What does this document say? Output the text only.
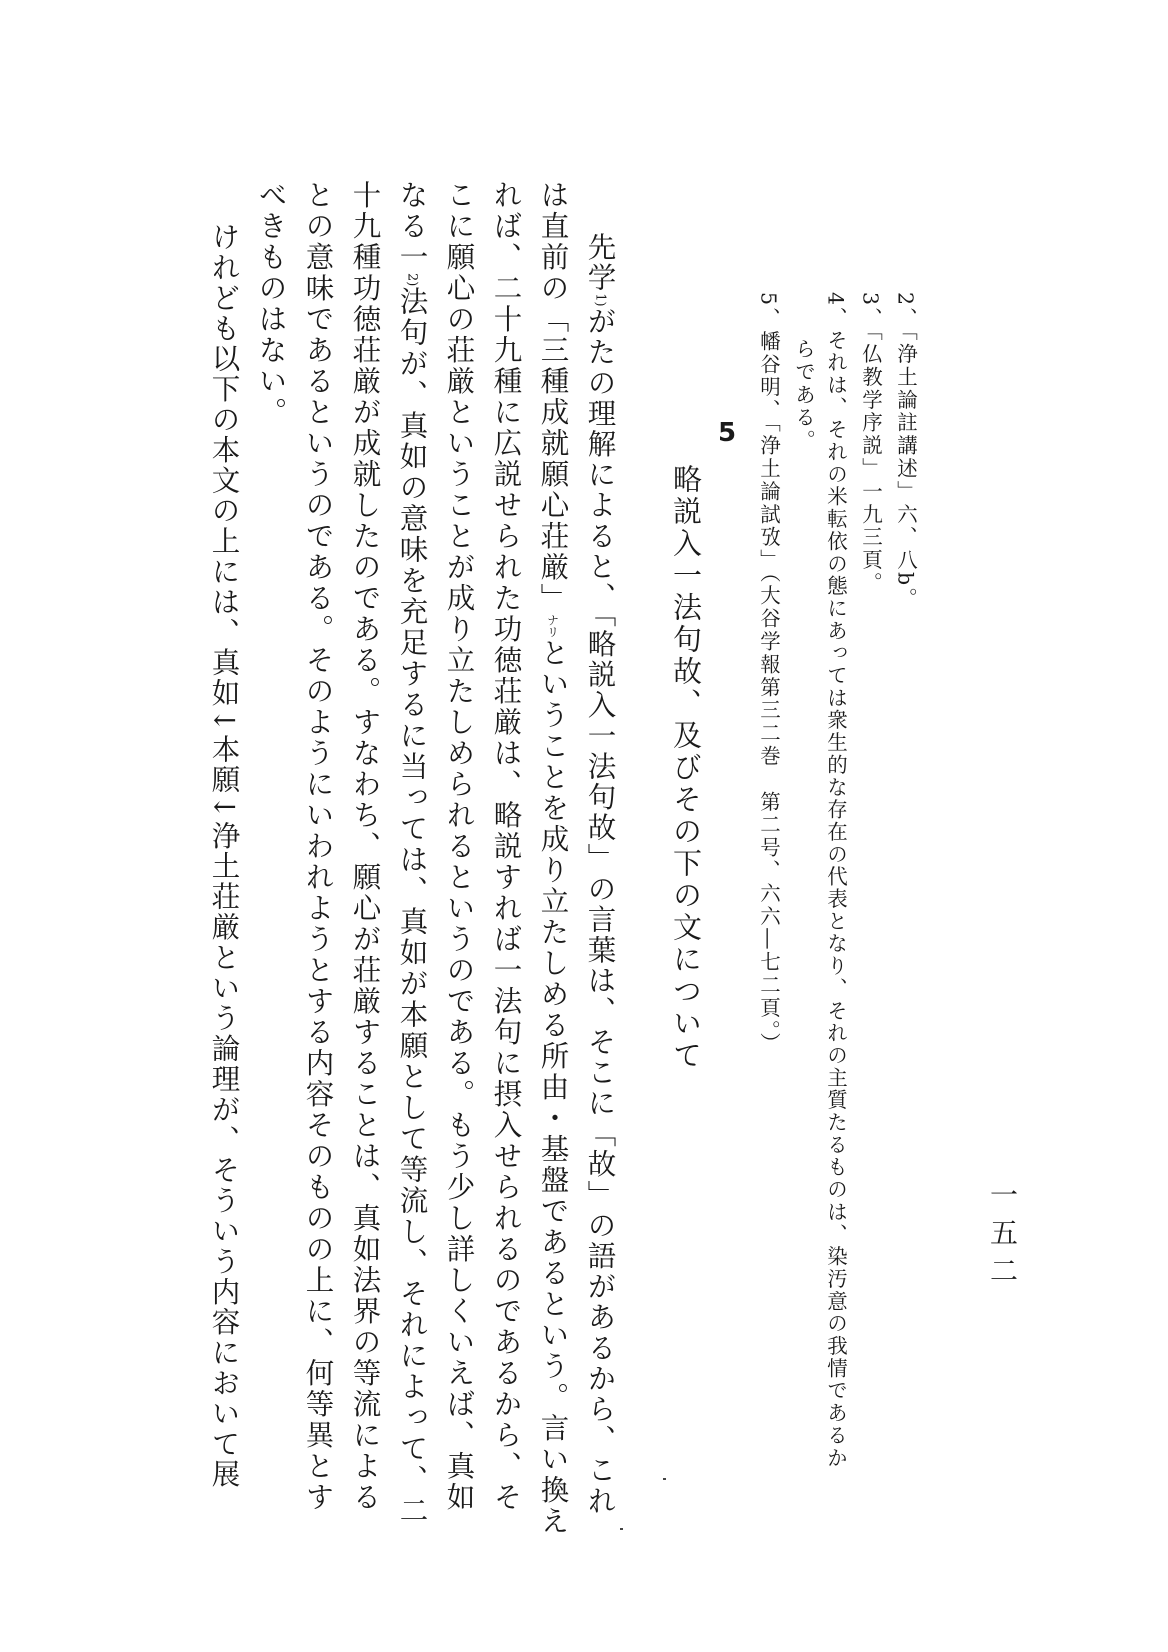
一五二
2、「浄土論註講述」六、八b。
3、「仏教学序説」一九三頁。
4、それは、それの米転依の態にあっては衆生的な存在の代表となり、それの主質たるものは、染汚意の我情であるか
らである。
5、幡谷明、「浄土論試攷」（大谷学報第三二巻　第二号、六六―七二頁。）
5
略説入一法句故、及びその下の文について
先学1)がたの理解によると、「略説入一法句故」の言葉は、そこに「故」の語があるから、これ
は直前の「三種成就願心荘厳」ナリということを成り立たしめる所由・基盤であるという。言い換え
れば、二十九種に広説せられた功徳荘厳は、略説すれば一法句に摂入せられるのであるから、そ
こに願心の荘厳ということが成り立たしめられるというのである。もう少し詳しくいえば、真如
なる一2)法句が、真如の意味を充足するに当っては、真如が本願として等流し、それによって、二
十九種功徳荘厳が成就したのである。すなわち、願心が荘厳することは、真如法界の等流による
との意味であるというのである。そのようにいわれようとする内容そのものの上に、何等異とす
べきものはない。
けれども以下の本文の上には、真如↓本願↓浄土荘厳という論理が、そういう内容において展
